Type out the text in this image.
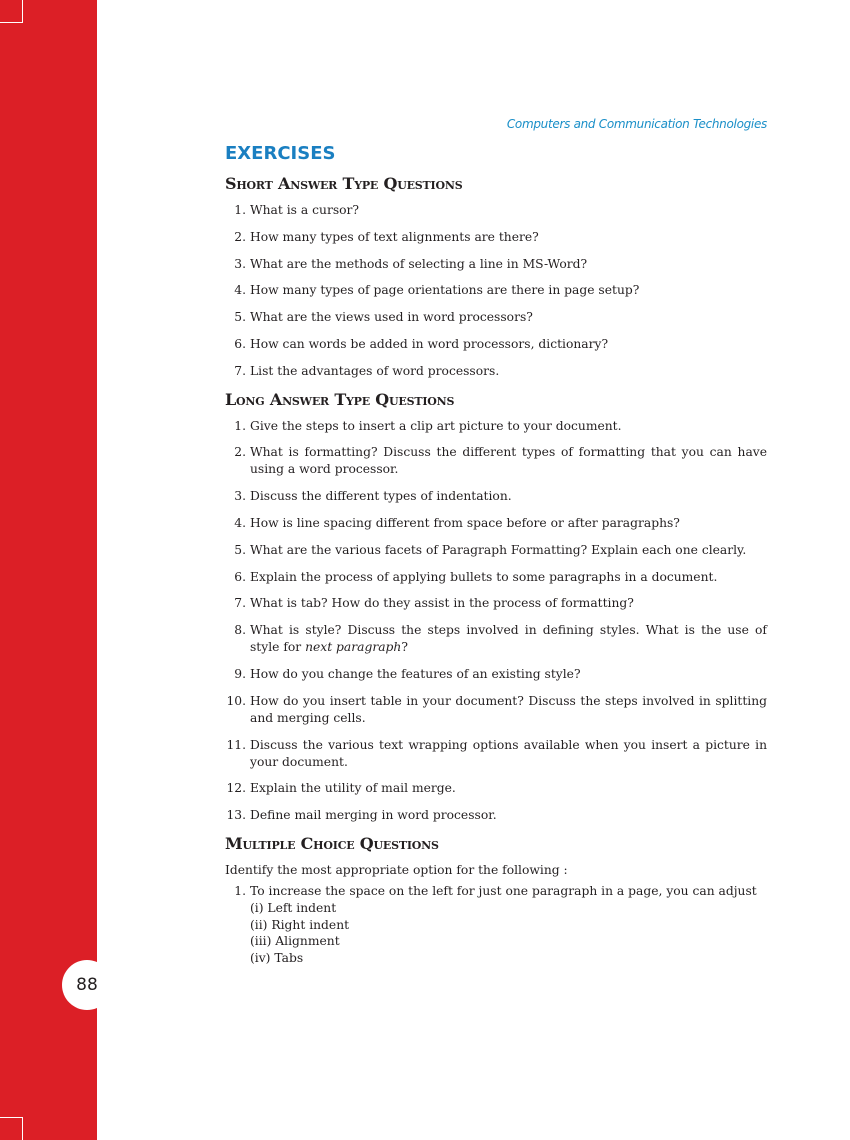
88
Computers and Communication Technologies
EXERCISES
Short Answer Type Questions
1. What is a cursor?
2. How many types of text alignments are there?
3. What are the methods of selecting a line in MS-Word?
4. How many types of page orientations are there in page setup?
5. What are the views used in word processors?
6. How can words be added in word processors, dictionary?
7. List the advantages of word processors.
Long Answer Type Questions
1. Give the steps to insert a clip art picture to your document.
2. What is formatting? Discuss the different types of formatting that you can have using a word processor.
3. Discuss the different types of indentation.
4. How is line spacing different from space before or after paragraphs?
5. What are the various facets of Paragraph Formatting? Explain each one clearly.
6. Explain the process of applying bullets to some paragraphs in a document.
7. What is tab? How do they assist in the process of formatting?
8. What is style? Discuss the steps involved in defining styles. What is the use of style for next paragraph?
9. How do you change the features of an existing style?
10. How do you insert table in your document? Discuss the steps involved in splitting and merging cells.
11. Discuss the various text wrapping options available when you insert a picture in your document.
12. Explain the utility of mail merge.
13. Define mail merging in word processor.
Multiple Choice Questions
Identify the most appropriate option for the following :
1. To increase the space on the left for just one paragraph in a page, you can adjust
(i) Left indent
(ii) Right indent
(iii) Alignment
(iv) Tabs
